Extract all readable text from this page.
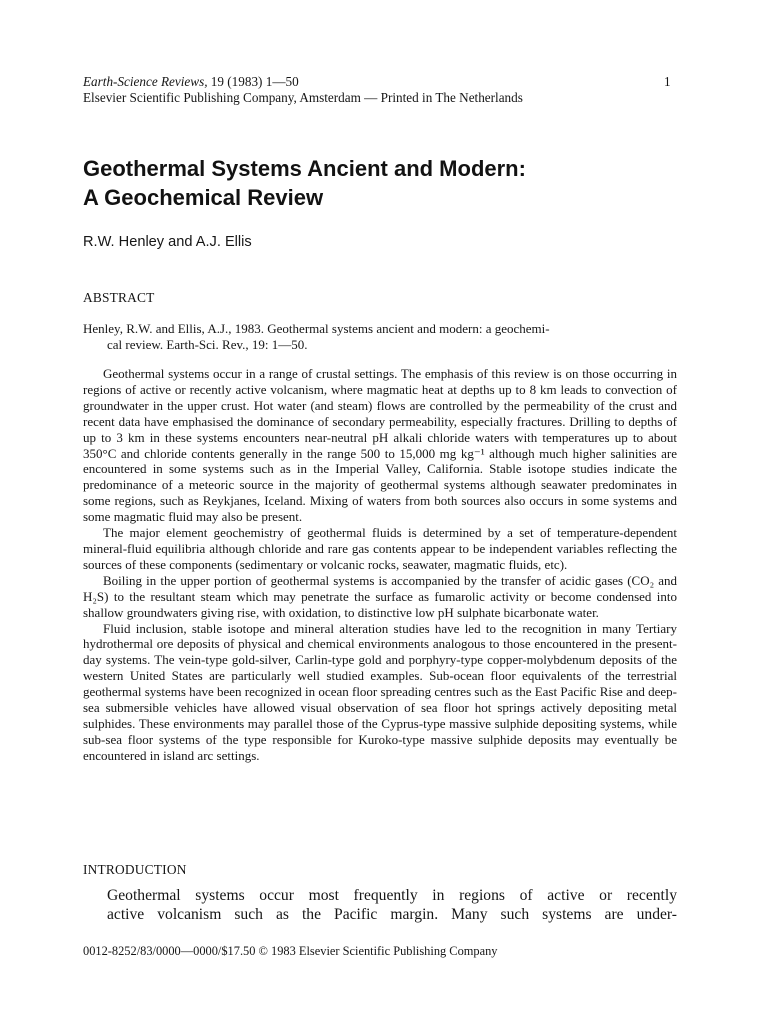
Earth-Science Reviews, 19 (1983) 1—50
Elsevier Scientific Publishing Company, Amsterdam — Printed in The Netherlands
1
Geothermal Systems Ancient and Modern:
A Geochemical Review
R.W. Henley and A.J. Ellis
ABSTRACT
Henley, R.W. and Ellis, A.J., 1983. Geothermal systems ancient and modern: a geochemi-
cal review. Earth-Sci. Rev., 19: 1—50.

Geothermal systems occur in a range of crustal settings. The emphasis of this review is on those occurring in regions of active or recently active volcanism, where magmatic heat at depths up to 8 km leads to convection of groundwater in the upper crust. Hot water (and steam) flows are controlled by the permeability of the crust and recent data have emphasised the dominance of secondary permeability, especially fractures. Drilling to depths of up to 3 km in these systems encounters near-neutral pH alkali chloride waters with temperatures up to about 350°C and chloride contents generally in the range 500 to 15,000 mg kg⁻¹ although much higher salinities are encountered in some systems such as in the Imperial Valley, California. Stable isotope studies indicate the predominance of a meteoric source in the majority of geothermal systems although seawater predominates in some regions, such as Reykjanes, Iceland. Mixing of waters from both sources also occurs in some systems and some magmatic fluid may also be present.

The major element geochemistry of geothermal fluids is determined by a set of temperature-dependent mineral-fluid equilibria although chloride and rare gas contents appear to be independent variables reflecting the sources of these components (sedimentary or volcanic rocks, seawater, magmatic fluids, etc).

Boiling in the upper portion of geothermal systems is accompanied by the transfer of acidic gases (CO₂ and H₂S) to the resultant steam which may penetrate the surface as fumarolic activity or become condensed into shallow groundwaters giving rise, with oxidation, to distinctive low pH sulphate bicarbonate water.

Fluid inclusion, stable isotope and mineral alteration studies have led to the recognition in many Tertiary hydrothermal ore deposits of physical and chemical environments analogous to those encountered in the present-day systems. The vein-type gold-silver, Carlin-type gold and porphyry-type copper-molybdenum deposits of the western United States are particularly well studied examples. Sub-ocean floor equivalents of the terrestrial geothermal systems have been recognized in ocean floor spreading centres such as the East Pacific Rise and deep-sea submersible vehicles have allowed visual observation of sea floor hot springs actively depositing metal sulphides. These environments may parallel those of the Cyprus-type massive sulphide depositing systems, while sub-sea floor systems of the type responsible for Kuroko-type massive sulphide deposits may eventually be encountered in island arc settings.

INTRODUCTION

Geothermal systems occur most frequently in regions of active or recently
active volcanism such as the Pacific margin. Many such systems are under-

0012-8252/83/0000—0000/$17.50 © 1983 Elsevier Scientific Publishing Company
